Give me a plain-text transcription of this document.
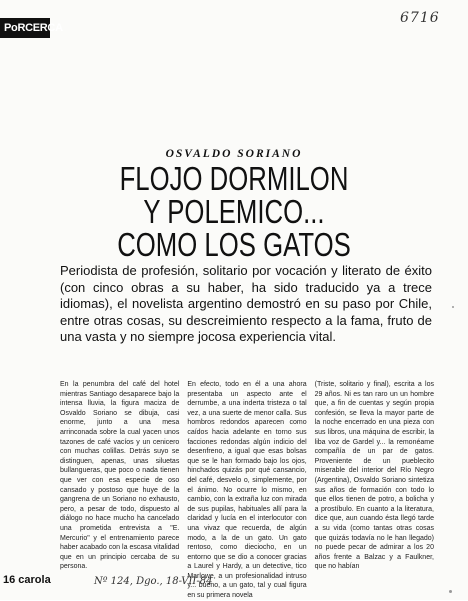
PoRCERCA
6716
OSVALDO SORIANO
FLOJO DORMILON
Y POLEMICO...
COMO LOS GATOS
Periodista de profesión, solitario por vocación y literato de éxito (con cinco obras a su haber, ha sido traducido ya a trece idiomas), el novelista argentino demostró en su paso por Chile, entre otras cosas, su descreimiento respecto a la fama, fruto de una vasta y no siempre jocosa experiencia vital.

En la penumbra del café del hotel mientras Santiago desaparece bajo la intensa lluvia, la figura maciza de Osvaldo Soriano se dibuja, casi enorme, junto a una mesa arrinconada sobre la cual yacen unos tazones de café vacíos y un cenicero con muchas colillas. Detrás suyo se distinguen, apenas, unas siluetas bullangueras, que poco o nada tienen que ver con esa especie de oso cansado y postoso que huye de la gangrena de un Soriano no exhausto, pero, a pesar de todo, dispuesto al diálogo no hace mucho ha cancelado una prometida entrevista a "E. Mercurio" y el entrenamiento parece haber acabado con la escasa vitalidad que en un principio cercaba de su persona.

En efecto, todo en él a una ahora presentaba un aspecto ante el derrumbe, a una inderta tristeza o tal vez, a una suerte de menor calla. Sus hombros redondos aparecen como caídos hacia adelante en torno sus facciones redondas algún indicio del desenfreno, a igual que esas bolsas que se le han formado bajo los ojos, hinchados quizás por qué cansancio, del café, desvelo o, simplemente, por el ánimo. No ocurre lo mismo, en cambio, con la extraña luz con mirada de sus pupilas, habituales allí para la claridad y lucía en el interlocutor con una vivaz que recuerda, de algún modo, a la de un gato. Un gato rentoso, como dieciocho, en un entorno que se dio a conocer gracias a Laurel y Hardy, a un detective, tico Marlowe, a un profesionalidad intruso y... bueno, a un gato, tal y cual figura en su primera novela

(Triste, solitario y final), escrita a los 29 años. Ni es tan raro un un hombre que, a fin de cuentas y según propia confesión, se lleva la mayor parte de la noche encerrado en una pieza con sus libros, una máquina de escribir, la liba voz de Gardel y... la remonéame compañía de un par de gatos. Proveniente de un pueblecito miserable del interior del Río Negro (Argentina), Osvaldo Soriano sintetiza sus años de formación con todo lo que ellos tienen de potro, a bolicha y a prostíbulo. En cuanto a la literatura, dice que, aun cuando ésta llegó tarde a su vida (como tantas otras cosas que quizás todavía no le han llegado) no puede pecar de admirar a los 20 años frente a Balzac y a Faulkner, que no habían

16 carola	Nº 124, Dgo., 18-VII-84
